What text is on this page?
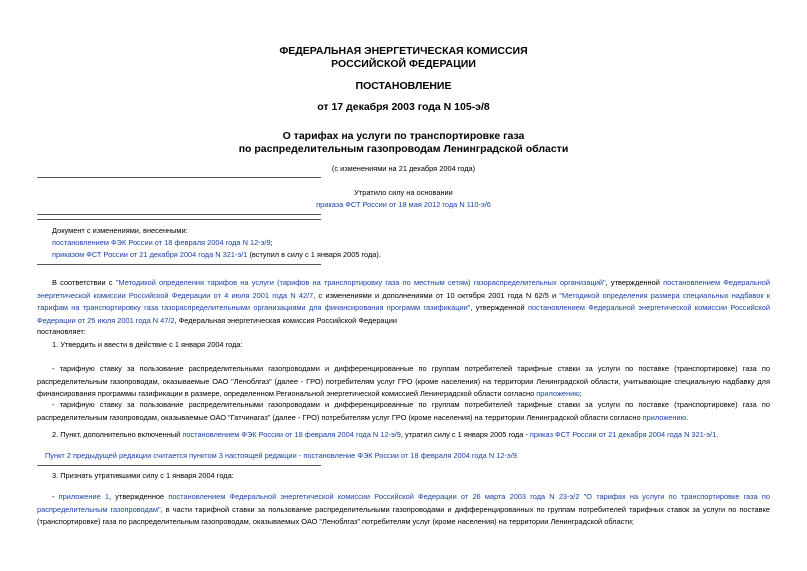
ФЕДЕРАЛЬНАЯ ЭНЕРГЕТИЧЕСКАЯ КОМИССИЯ
РОССИЙСКОЙ ФЕДЕРАЦИИ
ПОСТАНОВЛЕНИЕ
от 17 декабря 2003 года N 105-э/8
О тарифах на услуги по транспортировке газа
по распределительным газопроводам Ленинградской области
(с изменениями на 21 декабря 2004 года)
Утратило силу на основании
приказа ФСТ России от 18 мая 2012 года N 110-э/6
Документ с изменениями, внесенными:
постановлением ФЭК России от 18 февраля 2004 года N 12-э/9;
приказом ФСТ России от 21 декабря 2004 года N 321-э/1 (вступил в силу с 1 января 2005 года).
В соответствии с "Методикой определения тарифов на услуги (тарифов на транспортировку газа по местным сетям) газораспределительных организаций", утвержденной постановлением Федеральной энергетической комиссии Российской Федерации от 4 июля 2001 года N 42/7, с изменениями и дополнениями от 10 октября 2001 года N 62/5 и "Методикой определения размера специальных надбавок к тарифам на транспортировку газа газораспределительными организациями для финансирования программ газификации", утвержденной постановлением Федеральной энергетической комиссии Российской Федерации от 25 июля 2001 года N 47/2, Федеральная энергетическая комиссия Российской Федерации
постановляет:
1. Утвердить и ввести в действие с 1 января 2004 года:
- тарифную ставку за пользование распределительными газопроводами и дифференцированные по группам потребителей тарифные ставки за услуги по поставке (транспортировке) газа по распределительным газопроводам, оказываемые ОАО "Леноблгаз" (далее - ГРО) потребителям услуг ГРО (кроме населения) на территории Ленинградской области, учитывающие специальную надбавку для финансирования программы газификации в размере, определенном Региональной энергетической комиссией Ленинградской области согласно приложению;
- тарифную ставку за пользование распределительными газопроводами и дифференцированные по группам потребителей тарифные ставки за услуги по поставке (транспортировке) газа по распределительным газопроводам, оказываемые ОАО "Гатчинагаз" (далее - ГРО) потребителям услуг ГРО (кроме населения) на территории Ленинградской области согласно приложению.
2. Пункт, дополнительно включенный постановлением ФЭК России от 18 февраля 2004 года N 12-э/9, утратил силу с 1 января 2005 года - приказ ФСТ России от 21 декабря 2004 года N 321-э/1.
Пункт 2 предыдущей редакции считается пунктом 3 настоящей редакции - постановление ФЭК России от 18 февраля 2004 года N 12-э/9.
3. Признать утратившими силу с 1 января 2004 года:
- приложение 1, утвержденное постановлением Федеральной энергетической комиссии Российской Федерации от 26 марта 2003 года N 23-э/2 "О тарифах на услуги по транспортировке газа по распределительным газопроводам", в части тарифной ставки за пользование распределительными газопроводами и дифференцированных по группам потребителей тарифных ставок за услуги по поставке (транспортировке) газа по распределительным газопроводам, оказываемых ОАО "Леноблгаз" потребителям услуг (кроме населения) на территории Ленинградской области;
